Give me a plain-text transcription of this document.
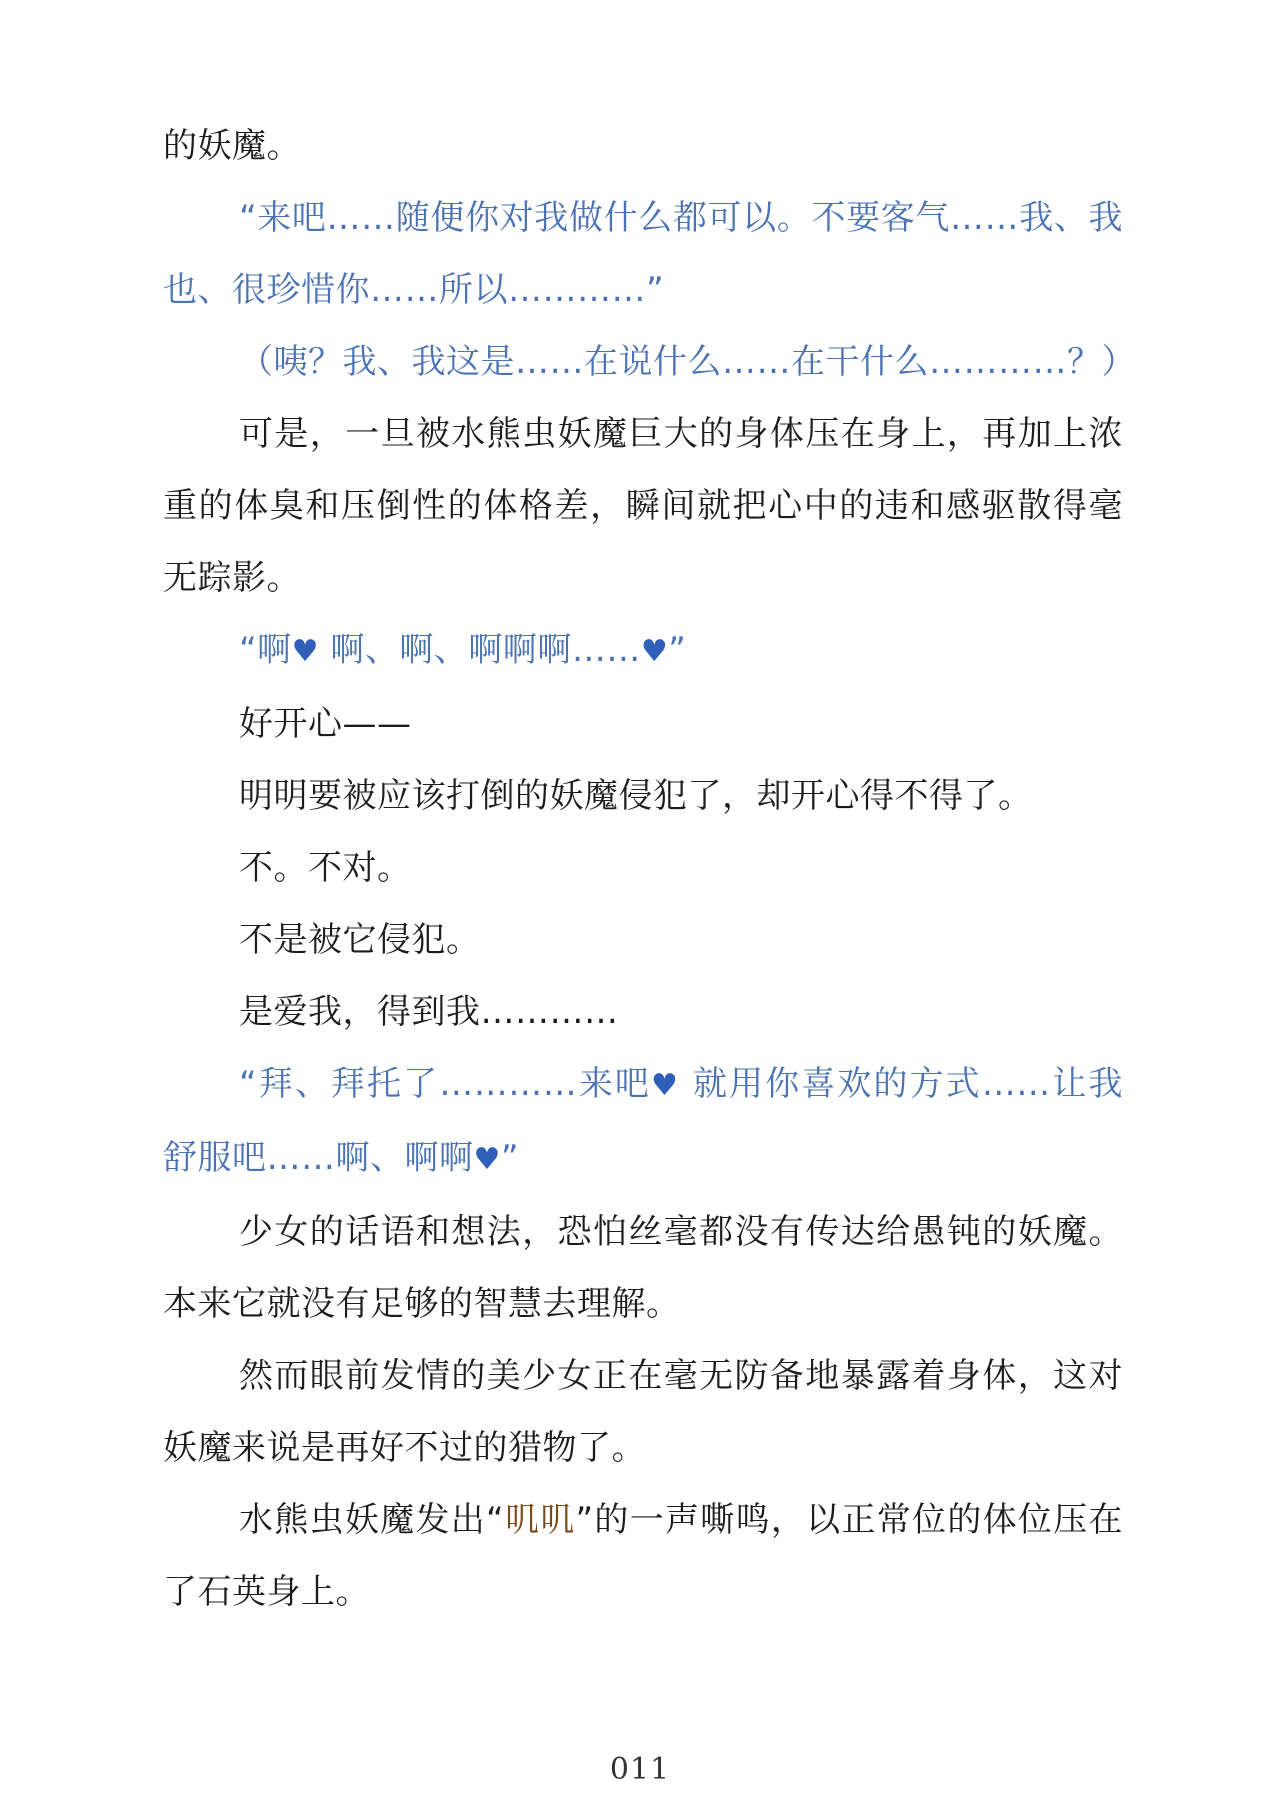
的妖魔。

“来吧……随便你对我做什么都可以。不要客气……我、我也、很珍惜你……所以…………”

（咦？我、我这是……在说什么……在干什么…………？）

可是，一旦被水熊虫妖魔巨大的身体压在身上，再加上浓重的体臭和压倒性的体格差，瞬间就把心中的违和感驱散得毫无踪影。

“啊♥ 啊、啊、啊啊啊……♥”

好开心——

明明要被应该打倒的妖魔侵犯了，却开心得不得了。

不。不对。

不是被它侵犯。

是爱我，得到我…………

“拜、拜托了…………来吧♥ 就用你喜欢的方式……让我舒服吧……啊、啊啊♥”

少女的话语和想法，恐怕丝毫都没有传达给愚钝的妖魔。本来它就没有足够的智慧去理解。

然而眼前发情的美少女正在毫无防备地暴露着身体，这对妖魔来说是再好不过的猎物了。

水熊虫妖魔发出“叽叽”的一声嘶鸣，以正常位的体位压在了石英身上。

011
